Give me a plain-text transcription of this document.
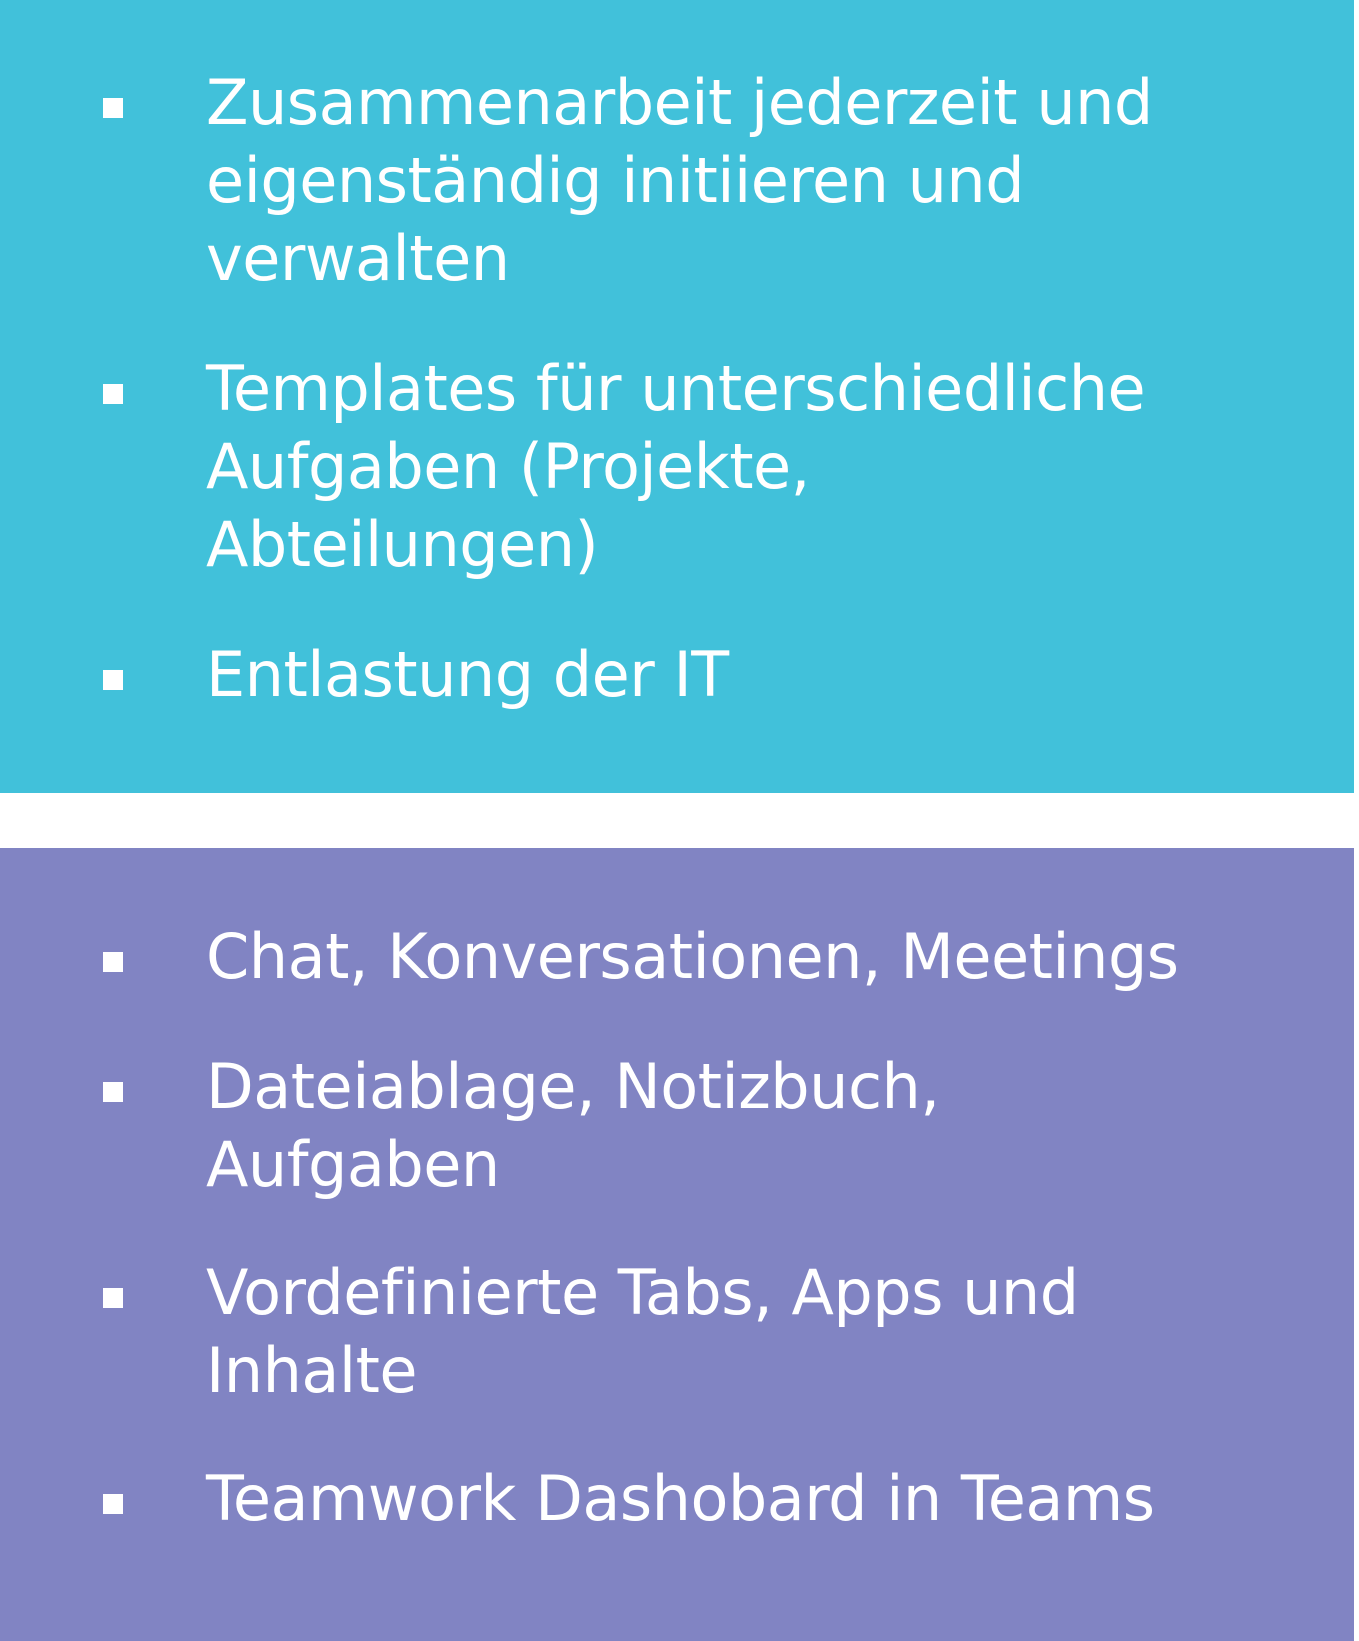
Zusammenarbeit jederzeit und
eigenständig initiieren und
verwalten
Templates für unterschiedliche
Aufgaben (Projekte,
Abteilungen)
Entlastung der IT
Chat, Konversationen, Meetings
Dateiablage, Notizbuch,
Aufgaben
Vordefinierte Tabs, Apps und
Inhalte
Teamwork Dashobard in Teams
